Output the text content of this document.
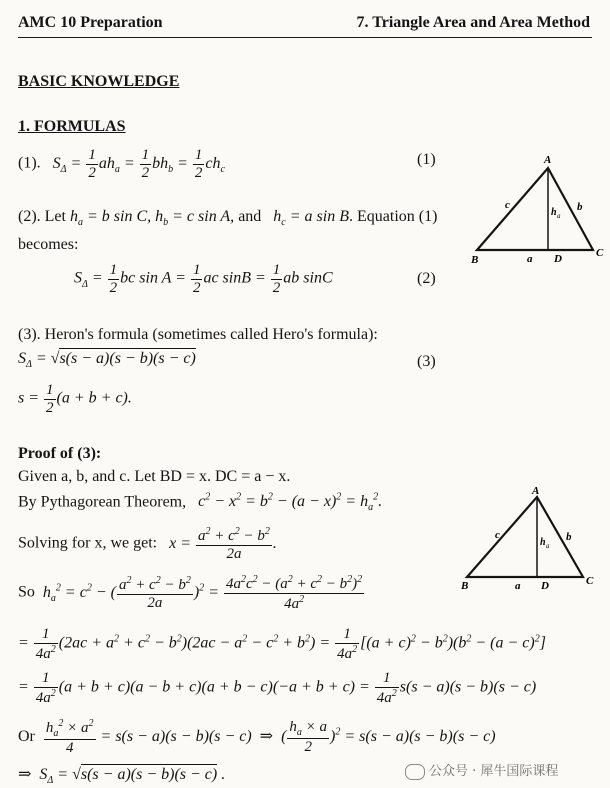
AMC 10 Preparation	7. Triangle Area and Area Method
BASIC KNOWLEDGE
1. FORMULAS
(1).   $S_\Delta = \frac{1}{2} ah_a = \frac{1}{2} bh_b = \frac{1}{2} ch_c$
(1)	A
B
C
D
a
b
c
h a
(2). Let $h_a = b$ sin C, $h_b = c$ sin A, and   $h_c = a$ sin B. Equation (1)
becomes:
$S_\Delta = \frac{1}{2}$ bc $\sin A = \frac{1}{2}$ ac $\sin B = \frac{1}{2}$ ab sinC	(2)
(3). Heron's formula (sometimes called Hero's formula):
$S_\Delta = √s(s - a)(s - b)(s - c)$	(3)
$s = \frac{1}{2} (a + b + c)$.
Proof of (3):
Given a, b, and c. Let BD = x. DC = a − x.
By Pythagorean Theorem,   $c^2 - x^2 = b^2 - (a - x)^2 = h_a^2$.
Solving for x, we get:   $x = \frac{a^2 + c^2 - b^2}{2a}$ .
A
B	C
D
a
b
c
h a
So  $h_a^2 = c^2$ − ( $\frac{a^2 + c^2 - b^2}{2a} )^2 = \frac{4a^2c^2 - (a^2 + c^2 - b^2)^2}{4a^2}$
= $\frac{1}{4a^2} (2ac + a^2 + c^2 - b^2)(2ac - a^2 - c^2 + b^2) = \frac{1}{4a^2} [(a + c)^2 - b^2)(b^2 - (a - c)^2]$
= $\frac{1}{4a^2} (a + b + c)(a - b + c)(a + b - c)(-a + b + c) = \frac{1}{4a^2} s(s - a)(s - b)(s - c)$
Or $\frac{h_a^2 \times a^2}{4} = s(s - a)(s - b)(s - c)$  ⇒  ( $\frac{h_a \times a}{2} )^2 = s(s - a)(s - b)(s - c)$
⇒  $S_\Delta = √s(s - a)(s - b)(s - c)$ .	公众号 · 犀牛国际课程
